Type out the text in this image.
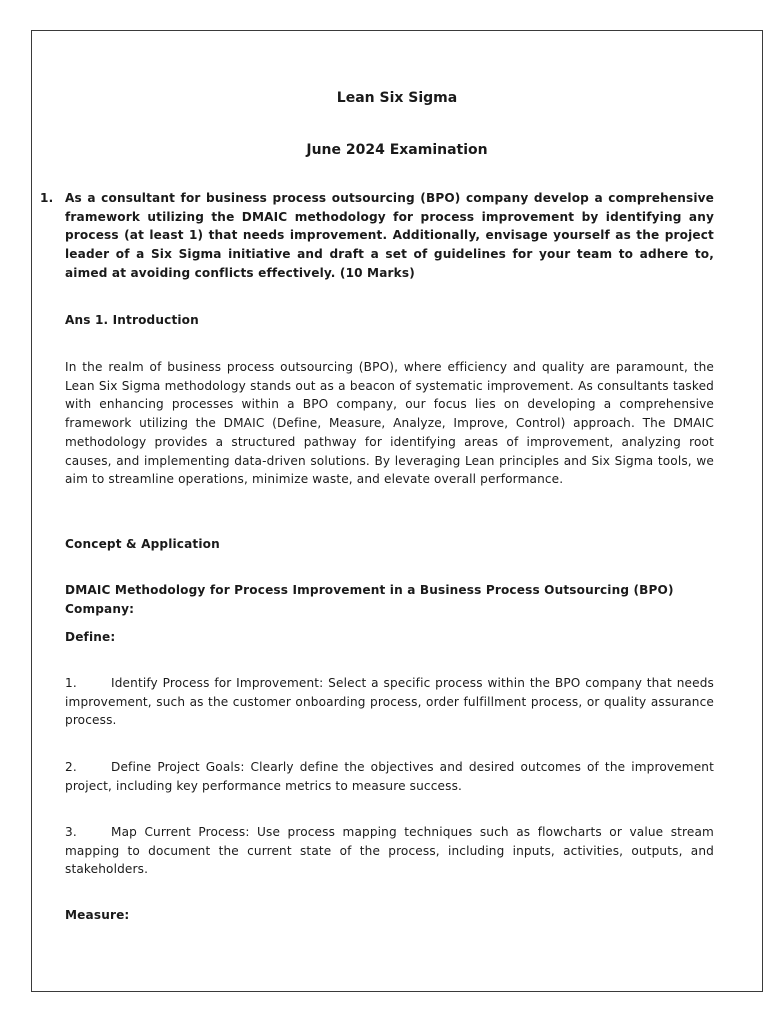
Lean Six Sigma
June 2024 Examination
1. As a consultant for business process outsourcing (BPO) company develop a comprehensive framework utilizing the DMAIC methodology for process improvement by identifying any process (at least 1) that needs improvement. Additionally, envisage yourself as the project leader of a Six Sigma initiative and draft a set of guidelines for your team to adhere to, aimed at avoiding conflicts effectively. (10 Marks)

Ans 1. Introduction

In the realm of business process outsourcing (BPO), where efficiency and quality are paramount, the Lean Six Sigma methodology stands out as a beacon of systematic improvement. As consultants tasked with enhancing processes within a BPO company, our focus lies on developing a comprehensive framework utilizing the DMAIC (Define, Measure, Analyze, Improve, Control) approach. The DMAIC methodology provides a structured pathway for identifying areas of improvement, analyzing root causes, and implementing data-driven solutions. By leveraging Lean principles and Six Sigma tools, we aim to streamline operations, minimize waste, and elevate overall performance.

Concept & Application

DMAIC Methodology for Process Improvement in a Business Process Outsourcing (BPO) Company:

Define:

1.	Identify Process for Improvement: Select a specific process within the BPO company that needs improvement, such as the customer onboarding process, order fulfillment process, or quality assurance process.

2.	Define Project Goals: Clearly define the objectives and desired outcomes of the improvement project, including key performance metrics to measure success.

3.	Map Current Process: Use process mapping techniques such as flowcharts or value stream mapping to document the current state of the process, including inputs, activities, outputs, and stakeholders.

Measure:
